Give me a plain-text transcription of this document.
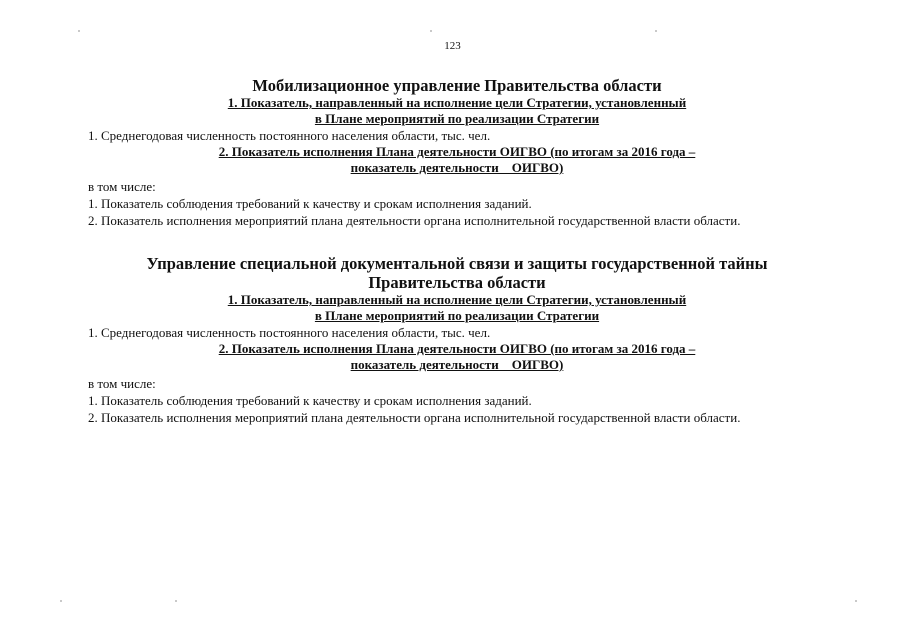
123
Мобилизационное управление Правительства области
1. Показатель, направленный на исполнение цели Стратегии, установленный
в Плане мероприятий по реализации Стратегии
1. Среднегодовая численность постоянного населения области, тыс. чел.
2. Показатель исполнения Плана деятельности ОИГВО (по итогам за 2016 года –
показатель деятельности    ОИГВО)
в том числе:
1. Показатель соблюдения требований к качеству и срокам исполнения заданий.
2. Показатель исполнения мероприятий плана деятельности органа исполнительной государственной власти области.
Управление специальной документальной связи и защиты государственной тайны
Правительства области
1. Показатель, направленный на исполнение цели Стратегии, установленный
в Плане мероприятий по реализации Стратегии
1. Среднегодовая численность постоянного населения области, тыс. чел.
2. Показатель исполнения Плана деятельности ОИГВО (по итогам за 2016 года –
показатель деятельности    ОИГВО)
в том числе:
1. Показатель соблюдения требований к качеству и срокам исполнения заданий.
2. Показатель исполнения мероприятий плана деятельности органа исполнительной государственной власти области.
